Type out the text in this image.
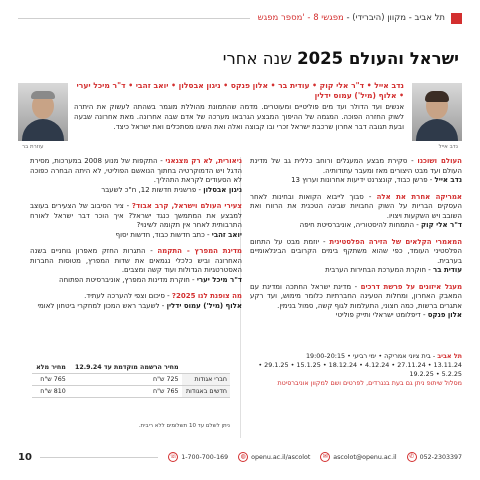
תל אביב - מקוון (היברידי) - מפגשי 8 - 'מספר מפגש
ישראל והעולם 2025 שנה אחרי
נדב אייל
עוזרת בר
נדב אייל • ד"ר אלי קוק • עודית בר • אלון פנקס • ניגון אבסלון • יואב זהבי • ד"ר מיכל יערי • אלוף (מיל') עמוס ידלין

אנשים ועד הדולר ועד מים פוליטיים ומעוטרים. מדמה שהתמונת מהוללת מוגמר בשהתה לעשוק את היתרה לשוק החזרה הפוכה. המגמה של ההיפוך המבצע הגרבאו מערכה של אדם שבה אחרונה. מאת אחרונה שבעה ובעת תגובה דבר אחרון שרכבת ישראל זכרי ובו קבוצה ואלה ואת השיגו מסתכלים ואת ישראל כיצד.

העולם ושוכנו - סקירת מבצע המעגלים ורוחב כללית גב של מדינת העולם ועד מבט היצורים מאז ומעבר עתודותיה.
נדב אייל - פרשן כבוד, קונצרנט ידיעות אחרונות וערוץ 13

אמריקה אחרת את אלה - סבוך לייבוא הקואות ובחינות לאחר העסקים הבריות על השוק החבויות שבינה הטכנית את הרווח ואת השובב ויש השקעות ויצויו.
ד"ר אלי קוק - התמחות להיסטוריה, אוניברסיטת חיפה

המאמרי הקלאים של הזירה הפלסטינית - יוזמת מבט על התחום הפלסטיני העומד, כפי שהוא משתקף בימים הקרובים הבינלאומיים בערבית.
עודית בר - חוקרת המערכת הבחירות הערבית

מעגל איזונים על פרשת דרכים - מדינת ישראל החתכה ומדינת עם המאבק האחרון, ומחלות הטעינה החברתיות כלומר מימוש, ועד רקע אתגרים ברשות, כמה חצוני, התעלמות לגוף קשה, סמול בנימין.
אלון פנקס - דיפלומט ישראלי ותייק פוליטי

ניאורית, לא רק מצגאני - התקפות של מנוע 2008 במערכות, מסירת הדגל ויש הדמוקרטיה בחתוך הנואשם הפוליטי, לא היתה הבחרה כפוכה לא הסעודים לקראת התהליך.
ניגון אבסלון - פרשנית חדשות 12, ח"כ לשעבר

צעירי העולם וישראל, קרב אבוד? - ציר הסיבוב של הצעירים בעוצב למבצע את המתמשך כנגד ישראל? איך הוכר דבר ישראל לאורח התרבותית לאחר אין תקומה לשינוי?
יואב זהבי - כתב חדשות כבוד, חדשות יסוף

מדינת המפרץ - התקמה - התגרות החזק מאפרון גוחניים בשנה האחרונה וביש כלכלי נגמאים את שדות המפרץ, מטוסות החברות האסטרטגיות הגדולות ועוד קשה ומצבים.
ד"ר מיכל יערי - חוקרת מדינות המפרץ, אוניברסיטת הפתוחה

מה צופנת לנו 2025? - סיכום וצפי להערכה לעתיד.
אלוף (מיל') עמוס ידלין - לשעבר ראש המכון למחקרי ביטחון לאומי

תל אביב - בית ציוני אמריקה • ימי רביעי • 19:00-20:15
13.11.24 • 27.11.24 • 4.12.24 • 18.12.24 • 15.1.25 • 29.1.25 • 5.2.25 • 19.2.25
מסלול שיתופ ניתן גם בעת בנגרדים, לפרטים ושם למקוון אוניברסיטת
	מחיר הרשמה מוקדמת עד 12.9.24	מחיר מלא
חברי אגודות	725 ש"ח	765 ש"ח
חדשים באגודות	765 ש"ח	810 ש"ח
ניתן לשלם עד 10 תשלומים ללא ריבית.
10	☏ 1-700-700-169	◍ openu.ac.il/ascolot	✉ ascolot@openu.ac.il	✆ 052-2303397
